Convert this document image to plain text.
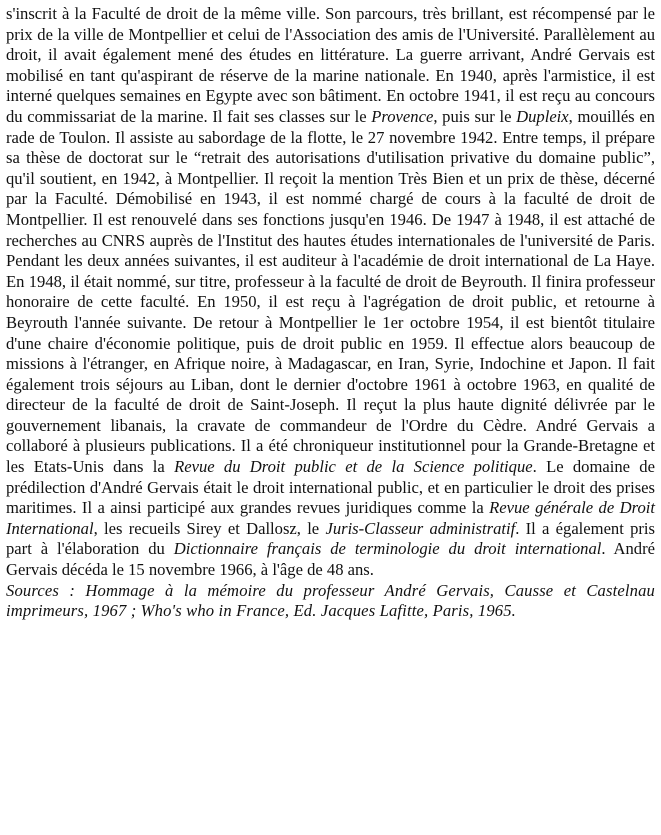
s'inscrit à la Faculté de droit de la même ville. Son parcours, très brillant, est récompensé par le prix de la ville de Montpellier et celui de l'Association des amis de l'Université. Parallèlement au droit, il avait également mené des études en littérature. La guerre arrivant, André Gervais est mobilisé en tant qu'aspirant de réserve de la marine nationale. En 1940, après l'armistice, il est interné quelques semaines en Egypte avec son bâtiment. En octobre 1941, il est reçu au concours du commissariat de la marine. Il fait ses classes sur le Provence, puis sur le Dupleix, mouillés en rade de Toulon. Il assiste au sabordage de la flotte, le 27 novembre 1942. Entre temps, il prépare sa thèse de doctorat sur le “retrait des autorisations d'utilisation privative du domaine public”, qu'il soutient, en 1942, à Montpellier. Il reçoit la mention Très Bien et un prix de thèse, décerné par la Faculté. Démobilisé en 1943, il est nommé chargé de cours à la faculté de droit de Montpellier. Il est renouvelé dans ses fonctions jusqu'en 1946. De 1947 à 1948, il est attaché de recherches au CNRS auprès de l'Institut des hautes études internationales de l'université de Paris. Pendant les deux années suivantes, il est auditeur à l'académie de droit international de La Haye. En 1948, il était nommé, sur titre, professeur à la faculté de droit de Beyrouth. Il finira professeur honoraire de cette faculté. En 1950, il est reçu à l'agrégation de droit public, et retourne à Beyrouth l'année suivante. De retour à Montpellier le 1er octobre 1954, il est bientôt titulaire d'une chaire d'économie politique, puis de droit public en 1959. Il effectue alors beaucoup de missions à l'étranger, en Afrique noire, à Madagascar, en Iran, Syrie, Indochine et Japon. Il fait également trois séjours au Liban, dont le dernier d'octobre 1961 à octobre 1963, en qualité de directeur de la faculté de droit de Saint-Joseph. Il reçut la plus haute dignité délivrée par le gouvernement libanais, la cravate de commandeur de l'Ordre du Cèdre. André Gervais a collaboré à plusieurs publications. Il a été chroniqueur institutionnel pour la Grande-Bretagne et les Etats-Unis dans la Revue du Droit public et de la Science politique. Le domaine de prédilection d'André Gervais était le droit international public, et en particulier le droit des prises maritimes. Il a ainsi participé aux grandes revues juridiques comme la Revue générale de Droit International, les recueils Sirey et Dallosz, le Juris-Classeur administratif. Il a également pris part à l'élaboration du Dictionnaire français de terminologie du droit international. André Gervais décéda le 15 novembre 1966, à l'âge de 48 ans.

Sources : Hommage à la mémoire du professeur André Gervais, Causse et Castelnau imprimeurs, 1967 ; Who's who in France, Ed. Jacques Lafitte, Paris, 1965.
